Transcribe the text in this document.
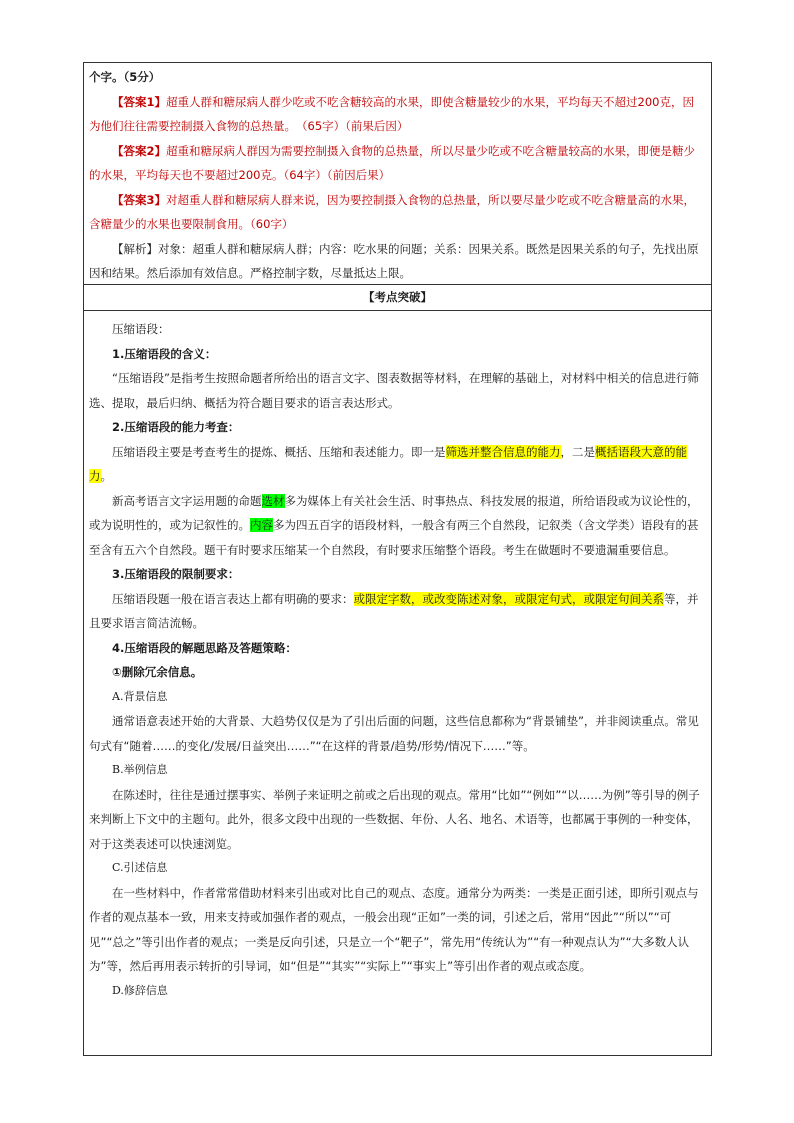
个字。（5分）

【答案1】超重人群和糖尿病人群少吃或不吃含糖较高的水果，即使含糖量较少的水果，平均每天不超过200克，因为他们往往需要控制摄入食物的总热量。　（65字）（前果后因）

【答案2】超重和糖尿病人群因为需要控制摄入食物的总热量，所以尽量少吃或不吃含糖量较高的水果，即便是糖少的水果，平均每天也不要超过200克。（64字）（前因后果）

【答案3】对超重人群和糖尿病人群来说，因为要控制摄入食物的总热量，所以要尽量少吃或不吃含糖量高的水果，含糖量少的水果也要限制食用。（60字）

【解析】对象：超重人群和糖尿病人群；内容：吃水果的问题；关系：因果关系。既然是因果关系的句子，先找出原因和结果。然后添加有效信息。严格控制字数，尽量抵达上限。

【考点突破】

压缩语段：

1.压缩语段的含义：

“压缩语段”是指考生按照命题者所给出的语言文字、图表数据等材料，在理解的基础上，对材料中相关的信息进行筛选、提取，最后归纳、概括为符合题目要求的语言表达形式。

2.压缩语段的能力考查：

压缩语段主要是考查考生的提炼、概括、压缩和表述能力。即一是筛选并整合信息的能力，二是概括语段大意的能力。

新高考语言文字运用题的命题选材多为媒体上有关社会生活、时事热点、科技发展的报道，所给语段或为议论性的，或为说明性的，或为记叙性的。内容多为四五百字的语段材料，一般含有两三个自然段，记叙类（含文学类）语段有的甚至含有五六个自然段。题干有时要求压缩某一个自然段，有时要求压缩整个语段。考生在做题时不要遗漏重要信息。

3.压缩语段的限制要求：

压缩语段题一般在语言表达上都有明确的要求：或限定字数，或改变陈述对象，或限定句式，或限定句间关系等，并且要求语言简洁流畅。

4.压缩语段的解题思路及答题策略：

①删除冗余信息。

A.背景信息

通常语意表述开始的大背景、大趋势仅仅是为了引出后面的问题，这些信息都称为“背景铺垫”，并非阅读重点。常见句式有“随着……的变化/发展/日益突出……”“在这样的背景/趋势/形势/情况下……”等。

B.举例信息

在陈述时，往往是通过摆事实、举例子来证明之前或之后出现的观点。常用“比如”“例如”“以……为例”等引导的例子来判断上下文中的主题句。此外，很多文段中出现的一些数据、年份、人名、地名、术语等，也都属于事例的一种变体，对于这类表述可以快速浏览。

C.引述信息

在一些材料中，作者常常借助材料来引出或对比自己的观点、态度。通常分为两类：一类是正面引述，即所引观点与作者的观点基本一致，用来支持或加强作者的观点，一般会出现“正如”一类的词，引述之后，常用“因此”“所以”“可见”“总之”等引出作者的观点；一类是反向引述，只是立一个“靶子”，常先用“传统认为”“有一种观点认为”“大多数人认为”等，然后再用表示转折的引导词，如“但是”“其实”“实际上”“事实上”等引出作者的观点或态度。

D.修辞信息
